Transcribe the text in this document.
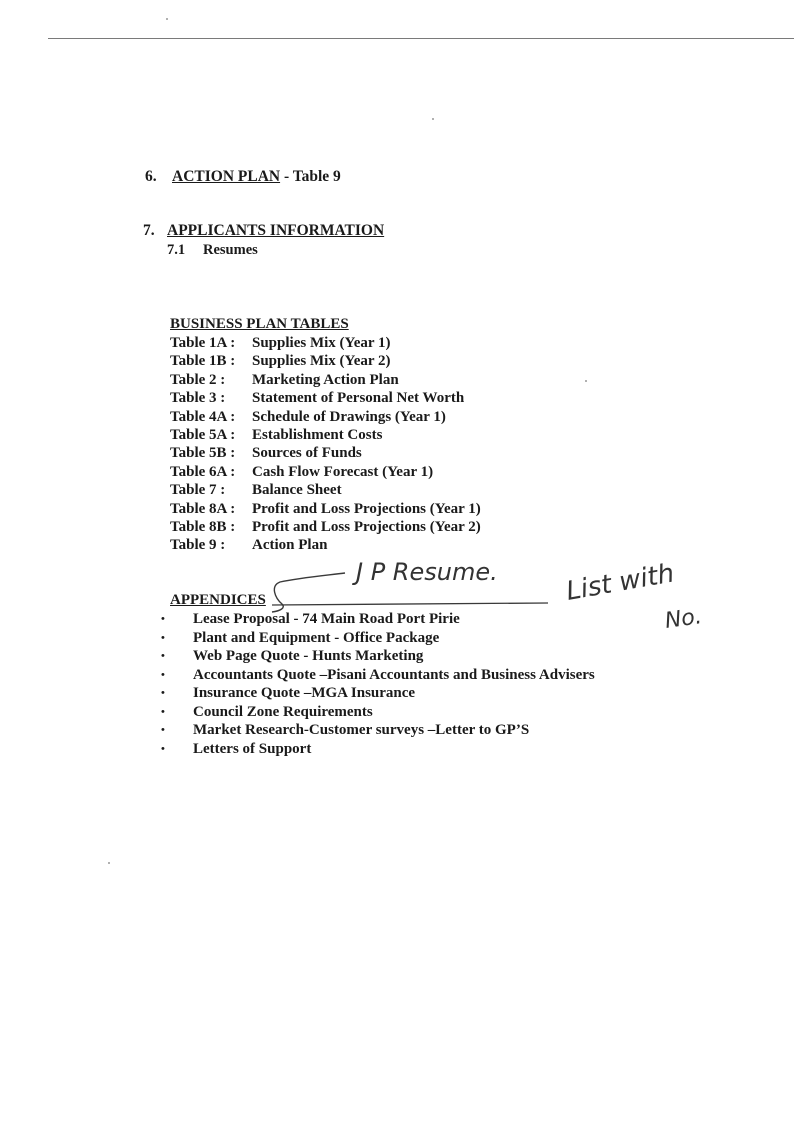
6. ACTION PLAN - Table 9
7. APPLICANTS INFORMATION
7.1 Resumes
BUSINESS PLAN TABLES
Table 1A : Supplies Mix (Year 1)
Table 1B : Supplies Mix (Year 2)
Table 2 : Marketing Action Plan
Table 3 : Statement of Personal Net Worth
Table 4A : Schedule of Drawings (Year 1)
Table 5A : Establishment Costs
Table 5B : Sources of Funds
Table 6A : Cash Flow Forecast (Year 1)
Table 7 : Balance Sheet
Table 8A : Profit and Loss Projections (Year 1)
Table 8B : Profit and Loss Projections (Year 2)
Table 9 : Action Plan
APPENDICES
• Lease Proposal - 74 Main Road Port Pirie
• Plant and Equipment - Office Package
• Web Page Quote - Hunts Marketing
• Accountants Quote –Pisani Accountants and Business Advisers
• Insurance Quote –MGA Insurance
• Council Zone Requirements
• Market Research-Customer surveys –Letter to GP’S
• Letters of Support
J P Resume.	List with
No.
